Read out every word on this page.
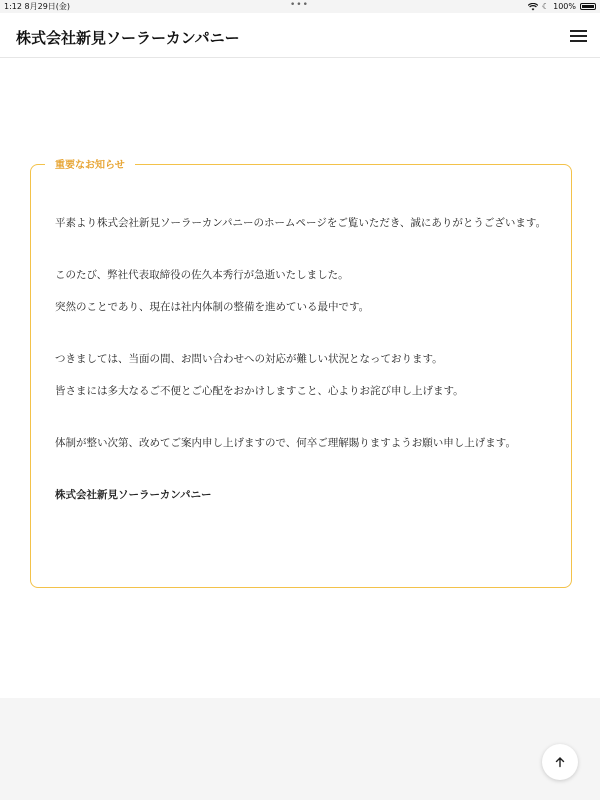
1:12 8月29日(金)	•••	☾ 100%
株式会社新見ソーラーカンパニー
重要なお知らせ

平素より株式会社新見ソーラーカンパニーのホームページをご覧いただき、誠にありがとうございます。

このたび、弊社代表取締役の佐久本秀行が急逝いたしました。
突然のことであり、現在は社内体制の整備を進めている最中です。

つきましては、当面の間、お問い合わせへの対応が難しい状況となっております。
皆さまには多大なるご不便とご心配をおかけしますこと、心よりお詫び申し上げます。

体制が整い次第、改めてご案内申し上げますので、何卒ご理解賜りますようお願い申し上げます。

株式会社新見ソーラーカンパニー
